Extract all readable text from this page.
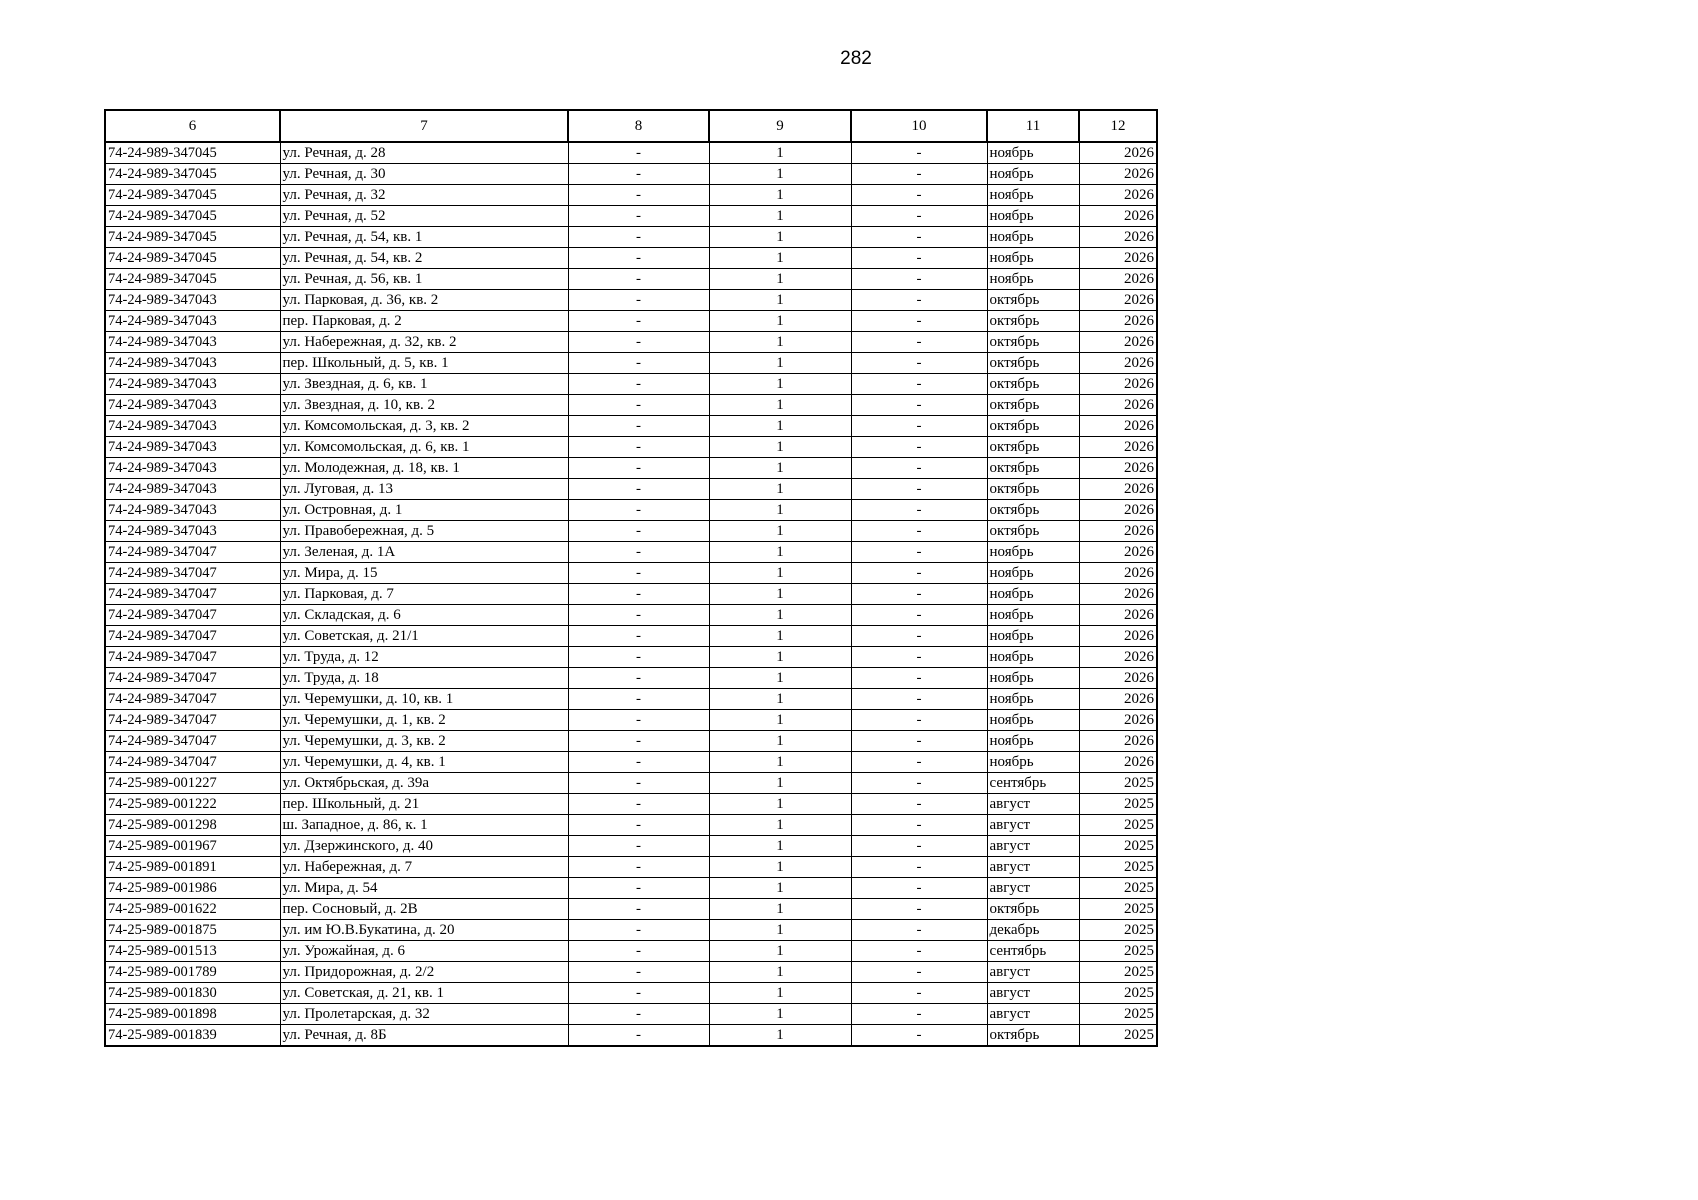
282
6	7	8	9	10	11	12
74-24-989-347045	ул. Речная, д. 28	-	1	-	ноябрь	2026
74-24-989-347045	ул. Речная, д. 30	-	1	-	ноябрь	2026
74-24-989-347045	ул. Речная, д. 32	-	1	-	ноябрь	2026
74-24-989-347045	ул. Речная, д. 52	-	1	-	ноябрь	2026
74-24-989-347045	ул. Речная, д. 54, кв. 1	-	1	-	ноябрь	2026
74-24-989-347045	ул. Речная, д. 54, кв. 2	-	1	-	ноябрь	2026
74-24-989-347045	ул. Речная, д. 56, кв. 1	-	1	-	ноябрь	2026
74-24-989-347043	ул. Парковая, д. 36, кв. 2	-	1	-	октябрь	2026
74-24-989-347043	пер. Парковая, д. 2	-	1	-	октябрь	2026
74-24-989-347043	ул. Набережная, д. 32, кв. 2	-	1	-	октябрь	2026
74-24-989-347043	пер. Школьный, д. 5, кв. 1	-	1	-	октябрь	2026
74-24-989-347043	ул. Звездная, д. 6, кв. 1	-	1	-	октябрь	2026
74-24-989-347043	ул. Звездная, д. 10, кв. 2	-	1	-	октябрь	2026
74-24-989-347043	ул. Комсомольская, д. 3, кв. 2	-	1	-	октябрь	2026
74-24-989-347043	ул. Комсомольская, д. 6, кв. 1	-	1	-	октябрь	2026
74-24-989-347043	ул. Молодежная, д. 18, кв. 1	-	1	-	октябрь	2026
74-24-989-347043	ул. Луговая, д. 13	-	1	-	октябрь	2026
74-24-989-347043	ул. Островная, д. 1	-	1	-	октябрь	2026
74-24-989-347043	ул. Правобережная, д. 5	-	1	-	октябрь	2026
74-24-989-347047	ул. Зеленая, д. 1А	-	1	-	ноябрь	2026
74-24-989-347047	ул. Мира, д. 15	-	1	-	ноябрь	2026
74-24-989-347047	ул. Парковая, д. 7	-	1	-	ноябрь	2026
74-24-989-347047	ул. Складская, д. 6	-	1	-	ноябрь	2026
74-24-989-347047	ул. Советская, д. 21/1	-	1	-	ноябрь	2026
74-24-989-347047	ул. Труда, д. 12	-	1	-	ноябрь	2026
74-24-989-347047	ул. Труда, д. 18	-	1	-	ноябрь	2026
74-24-989-347047	ул. Черемушки, д. 10, кв. 1	-	1	-	ноябрь	2026
74-24-989-347047	ул. Черемушки, д. 1, кв. 2	-	1	-	ноябрь	2026
74-24-989-347047	ул. Черемушки, д. 3, кв. 2	-	1	-	ноябрь	2026
74-24-989-347047	ул. Черемушки, д. 4, кв. 1	-	1	-	ноябрь	2026
74-25-989-001227	ул. Октябрьская, д. 39а	-	1	-	сентябрь	2025
74-25-989-001222	пер. Школьный, д. 21	-	1	-	август	2025
74-25-989-001298	ш. Западное, д. 86, к. 1	-	1	-	август	2025
74-25-989-001967	ул. Дзержинского, д. 40	-	1	-	август	2025
74-25-989-001891	ул. Набережная, д. 7	-	1	-	август	2025
74-25-989-001986	ул. Мира, д. 54	-	1	-	август	2025
74-25-989-001622	пер. Сосновый, д. 2В	-	1	-	октябрь	2025
74-25-989-001875	ул. им Ю.В.Букатина, д. 20	-	1	-	декабрь	2025
74-25-989-001513	ул. Урожайная, д. 6	-	1	-	сентябрь	2025
74-25-989-001789	ул. Придорожная, д. 2/2	-	1	-	август	2025
74-25-989-001830	ул. Советская, д. 21, кв. 1	-	1	-	август	2025
74-25-989-001898	ул. Пролетарская, д. 32	-	1	-	август	2025
74-25-989-001839	ул. Речная, д. 8Б	-	1	-	октябрь	2025
